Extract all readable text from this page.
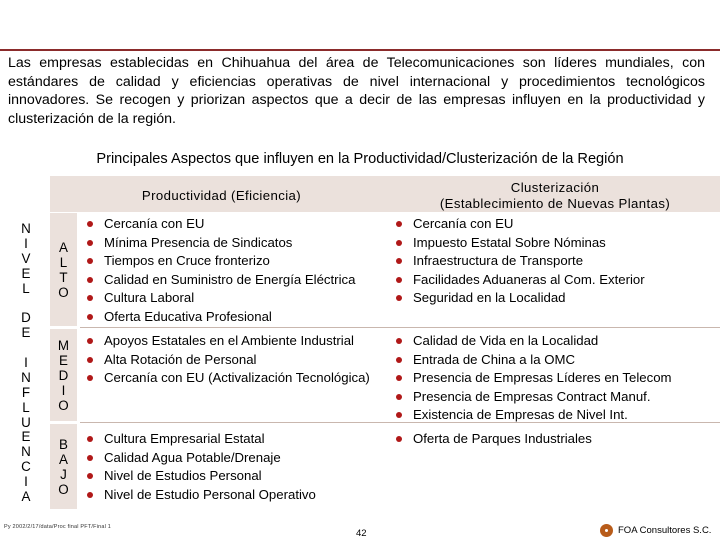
Las empresas establecidas en Chihuahua del área de Telecomunicaciones son líderes mundiales, con estándares de calidad y eficiencias operativas de nivel internacional y procedimientos tecnológicos innovadores. Se recogen y priorizan aspectos que a decir de las empresas influyen en la productividad y clusterización de la región.
Principales Aspectos que influyen en la Productividad/Clusterización de la Región
Productividad (Eficiencia)
Clusterización
(Establecimiento de Nuevas Plantas)
N
I
V
E
L
D
E
I
N
F
L
U
E
N
C
I
A
A
L
T
O
M
E
D
I
O
B
A
J
O
Cercanía con EU
Mínima Presencia de Sindicatos
Tiempos en Cruce fronterizo
Calidad en Suministro de Energía Eléctrica
Cultura Laboral
Oferta Educativa Profesional
Cercanía con EU
Impuesto Estatal Sobre Nóminas
Infraestructura de Transporte
Facilidades Aduaneras al Com. Exterior
Seguridad en la Localidad
Apoyos Estatales en el Ambiente Industrial
Alta Rotación de Personal
Cercanía con EU (Activalización Tecnológica)
Calidad de Vida en la Localidad
Entrada de China a la OMC
Presencia de Empresas Líderes en Telecom
Presencia de Empresas Contract Manuf.
Existencia de Empresas de Nivel Int.
Cultura Empresarial Estatal
Calidad Agua Potable/Drenaje
Nivel de Estudios Personal
Nivel de Estudio Personal Operativo
Oferta de Parques Industriales
Py 2002/2/17/data/Proc final PFT/Final 1
42	FOA Consultores S.C.
